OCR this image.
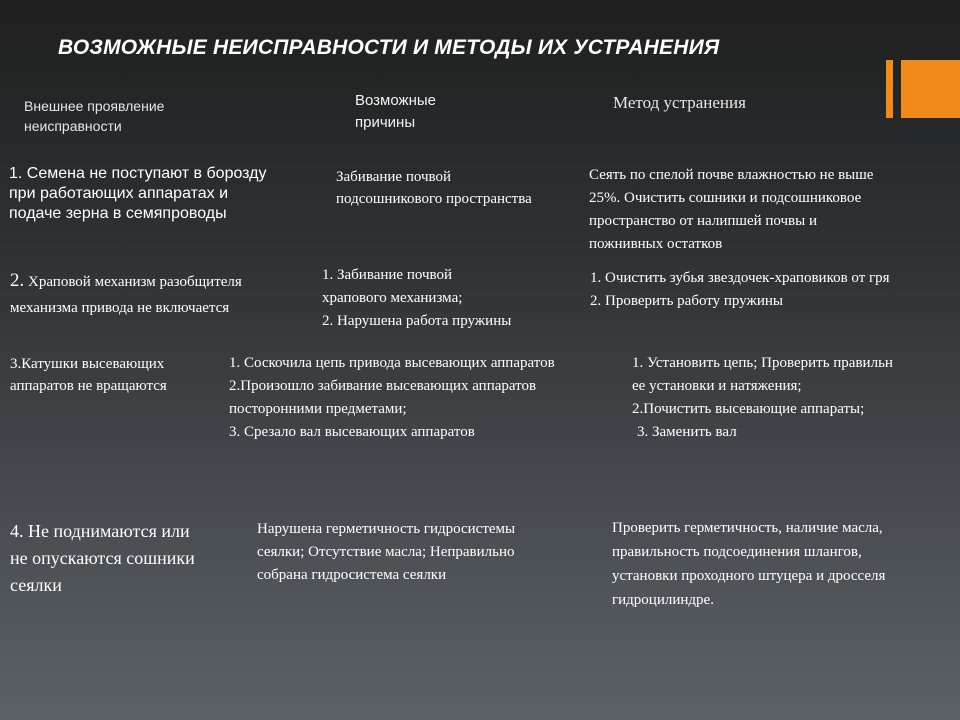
ВОЗМОЖНЫЕ НЕИСПРАВНОСТИ И МЕТОДЫ ИХ УСТРАНЕНИЯ
Внешнее проявление
неисправности
Возможные
причины
Метод устранения
1. Семена не поступают в борозду
при работающих аппаратах и
подаче зерна в семяпроводы
Забивание почвой
подсошникового пространства
Сеять по спелой почве влажностью не выше
25%. Очистить сошники и подсошниковое
пространство от налипшей почвы и
пожнивных остатков
2. Храповой механизм разобщителя
механизма привода не включается
1. Забивание почвой
храпового механизма;
2. Нарушена работа пружины
1. Очистить зубья звездочек-храповиков от гря
2. Проверить работу пружины
3.Катушки высевающих
аппаратов не вращаются
1. Соскочила цепь привода высевающих аппаратов
2.Произошло забивание высевающих аппаратов
посторонними предметами;
3. Срезало вал высевающих аппаратов
1. Установить цепь; Проверить правильн
ее установки и натяжения;
2.Почистить высевающие аппараты;
3. Заменить вал
4. Не поднимаются или
не опускаются сошники
сеялки
Нарушена герметичность гидросистемы
сеялки; Отсутствие масла; Неправильно
собрана гидросистема сеялки
Проверить герметичность, наличие масла,
правильность подсоединения шлангов,
установки проходного штуцера и дросселя
гидроцилиндре.
